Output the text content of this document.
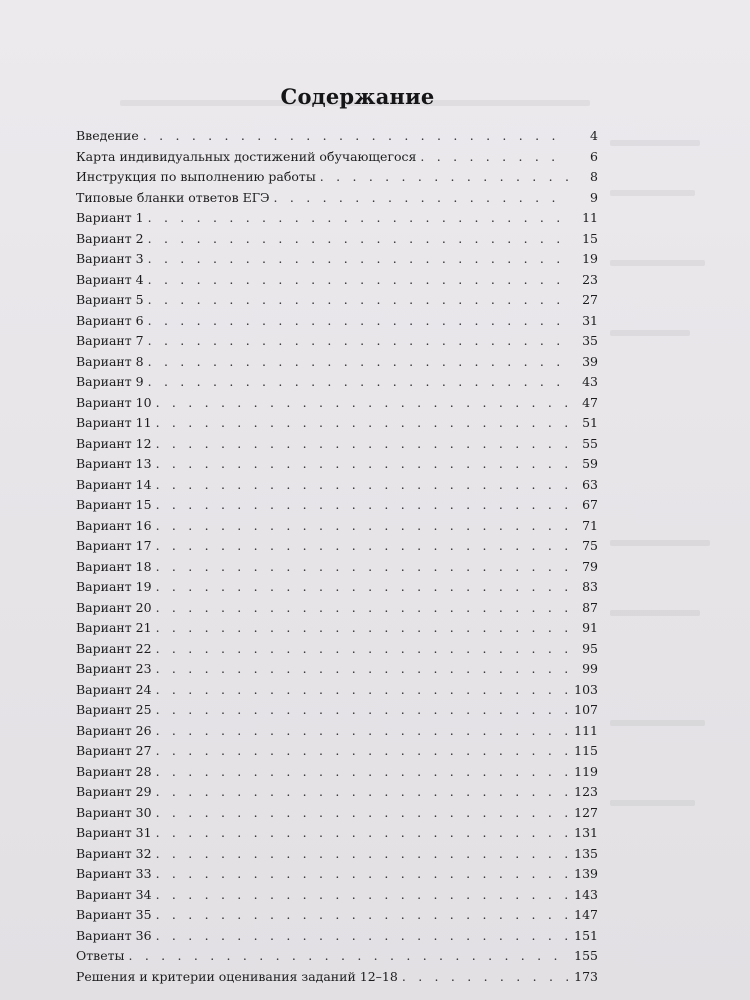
Содержание
Введение . . .	4
Карта индивидуальных достижений обучающегося . . .	6
Инструкция по выполнению работы . . .	8
Типовые бланки ответов ЕГЭ . . .	9
Вариант 1 . . .	11
Вариант 2 . . .	15
Вариант 3 . . .	19
Вариант 4 . . .	23
Вариант 5 . . .	27
Вариант 6 . . .	31
Вариант 7 . . .	35
Вариант 8 . . .	39
Вариант 9 . . .	43
Вариант 10 . . .	47
Вариант 11 . . .	51
Вариант 12 . . .	55
Вариант 13 . . .	59
Вариант 14 . . .	63
Вариант 15 . . .	67
Вариант 16 . . .	71
Вариант 17 . . .	75
Вариант 18 . . .	79
Вариант 19 . . .	83
Вариант 20 . . .	87
Вариант 21 . . .	91
Вариант 22 . . .	95
Вариант 23 . . .	99
Вариант 24 . . .	103
Вариант 25 . . .	107
Вариант 26 . . .	111
Вариант 27 . . .	115
Вариант 28 . . .	119
Вариант 29 . . .	123
Вариант 30 . . .	127
Вариант 31 . . .	131
Вариант 32 . . .	135
Вариант 33 . . .	139
Вариант 34 . . .	143
Вариант 35 . . .	147
Вариант 36 . . .	151
Ответы . . .	155
Решения и критерии оценивания заданий 12–18 . . .	173
